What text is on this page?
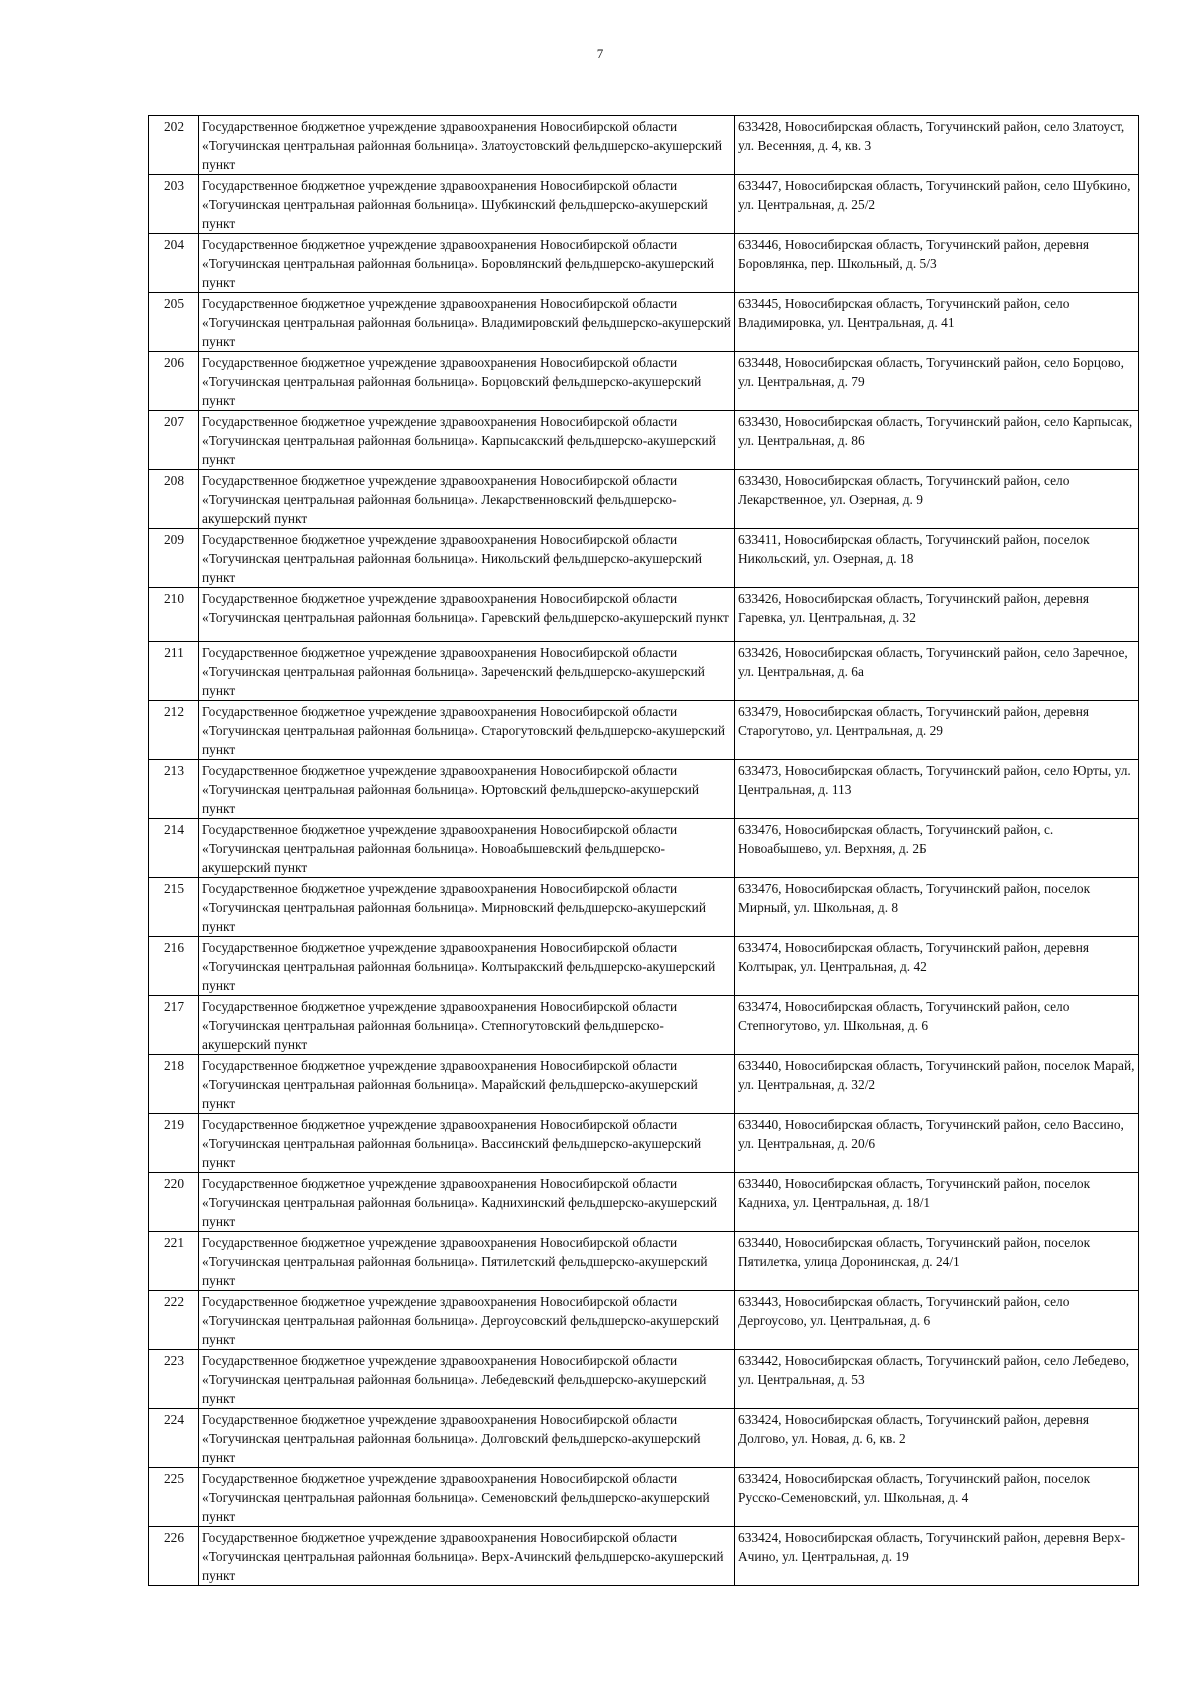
7
202	Государственное бюджетное учреждение здравоохранения Новосибирской области «Тогучинская центральная районная больница». Златоустовский фельдшерско-акушерский пункт	633428, Новосибирская область, Тогучинский район, село Златоуст, ул. Весенняя, д. 4, кв. 3
203	Государственное бюджетное учреждение здравоохранения Новосибирской области «Тогучинская центральная районная больница». Шубкинский фельдшерско-акушерский пункт	633447, Новосибирская область, Тогучинский район, село Шубкино, ул. Центральная, д. 25/2
204	Государственное бюджетное учреждение здравоохранения Новосибирской области «Тогучинская центральная районная больница». Боровлянский фельдшерско-акушерский пункт	633446, Новосибирская область, Тогучинский район, деревня Боровлянка, пер. Школьный, д. 5/3
205	Государственное бюджетное учреждение здравоохранения Новосибирской области «Тогучинская центральная районная больница». Владимировский фельдшерско-акушерский пункт	633445, Новосибирская область, Тогучинский район, село Владимировка, ул. Центральная, д. 41
206	Государственное бюджетное учреждение здравоохранения Новосибирской области «Тогучинская центральная районная больница». Борцовский фельдшерско-акушерский пункт	633448, Новосибирская область, Тогучинский район, село Борцово, ул. Центральная, д. 79
207	Государственное бюджетное учреждение здравоохранения Новосибирской области «Тогучинская центральная районная больница». Карпысакский фельдшерско-акушерский пункт	633430, Новосибирская область, Тогучинский район, село Карпысак, ул. Центральная, д. 86
208	Государственное бюджетное учреждение здравоохранения Новосибирской области «Тогучинская центральная районная больница». Лекарственновский фельдшерско-акушерский пункт	633430, Новосибирская область, Тогучинский район, село Лекарственное, ул. Озерная, д. 9
209	Государственное бюджетное учреждение здравоохранения Новосибирской области «Тогучинская центральная районная больница». Никольский фельдшерско-акушерский пункт	633411, Новосибирская область, Тогучинский район, поселок Никольский, ул. Озерная, д. 18
210	Государственное бюджетное учреждение здравоохранения Новосибирской области «Тогучинская центральная районная больница». Гаревский фельдшерско-акушерский пункт	633426, Новосибирская область, Тогучинский район, деревня Гаревка, ул. Центральная, д. 32
211	Государственное бюджетное учреждение здравоохранения Новосибирской области «Тогучинская центральная районная больница». Зареченский фельдшерско-акушерский пункт	633426, Новосибирская область, Тогучинский район, село Заречное, ул. Центральная, д. 6а
212	Государственное бюджетное учреждение здравоохранения Новосибирской области «Тогучинская центральная районная больница». Старогутовский фельдшерско-акушерский пункт	633479, Новосибирская область, Тогучинский район, деревня Старогутово, ул. Центральная, д. 29
213	Государственное бюджетное учреждение здравоохранения Новосибирской области «Тогучинская центральная районная больница». Юртовский фельдшерско-акушерский пункт	633473, Новосибирская область, Тогучинский район, село Юрты, ул. Центральная, д. 113
214	Государственное бюджетное учреждение здравоохранения Новосибирской области «Тогучинская центральная районная больница». Новоабышевский фельдшерско-акушерский пункт	633476, Новосибирская область, Тогучинский район, с. Новоабышево, ул. Верхняя, д. 2Б
215	Государственное бюджетное учреждение здравоохранения Новосибирской области «Тогучинская центральная районная больница». Мирновский фельдшерско-акушерский пункт	633476, Новосибирская область, Тогучинский район, поселок Мирный, ул. Школьная, д. 8
216	Государственное бюджетное учреждение здравоохранения Новосибирской области «Тогучинская центральная районная больница». Колтыракский фельдшерско-акушерский пункт	633474, Новосибирская область, Тогучинский район, деревня Колтырак, ул. Центральная, д. 42
217	Государственное бюджетное учреждение здравоохранения Новосибирской области «Тогучинская центральная районная больница». Степногутовский фельдшерско-акушерский пункт	633474, Новосибирская область, Тогучинский район, село Степногутово, ул. Школьная, д. 6
218	Государственное бюджетное учреждение здравоохранения Новосибирской области «Тогучинская центральная районная больница». Марайский фельдшерско-акушерский пункт	633440, Новосибирская область, Тогучинский район, поселок Марай, ул. Центральная, д. 32/2
219	Государственное бюджетное учреждение здравоохранения Новосибирской области «Тогучинская центральная районная больница». Вассинский фельдшерско-акушерский пункт	633440, Новосибирская область, Тогучинский район, село Вассино, ул. Центральная, д. 20/6
220	Государственное бюджетное учреждение здравоохранения Новосибирской области «Тогучинская центральная районная больница». Каднихинский фельдшерско-акушерский пункт	633440, Новосибирская область, Тогучинский район, поселок Кадниха, ул. Центральная, д. 18/1
221	Государственное бюджетное учреждение здравоохранения Новосибирской области «Тогучинская центральная районная больница». Пятилетский фельдшерско-акушерский пункт	633440, Новосибирская область, Тогучинский район, поселок Пятилетка, улица Доронинская, д. 24/1
222	Государственное бюджетное учреждение здравоохранения Новосибирской области «Тогучинская центральная районная больница». Дергоусовский фельдшерско-акушерский пункт	633443, Новосибирская область, Тогучинский район, село Дергоусово, ул. Центральная, д. 6
223	Государственное бюджетное учреждение здравоохранения Новосибирской области «Тогучинская центральная районная больница». Лебедевский фельдшерско-акушерский пункт	633442, Новосибирская область, Тогучинский район, село Лебедево, ул. Центральная, д. 53
224	Государственное бюджетное учреждение здравоохранения Новосибирской области «Тогучинская центральная районная больница». Долговский фельдшерско-акушерский пункт	633424, Новосибирская область, Тогучинский район, деревня Долгово, ул. Новая, д. 6, кв. 2
225	Государственное бюджетное учреждение здравоохранения Новосибирской области «Тогучинская центральная районная больница». Семеновский фельдшерско-акушерский пункт	633424, Новосибирская область, Тогучинский район, поселок Русско-Семеновский, ул. Школьная, д. 4
226	Государственное бюджетное учреждение здравоохранения Новосибирской области «Тогучинская центральная районная больница». Верх-Ачинский фельдшерско-акушерский пункт	633424, Новосибирская область, Тогучинский район, деревня Верх-Ачино, ул. Центральная, д. 19
